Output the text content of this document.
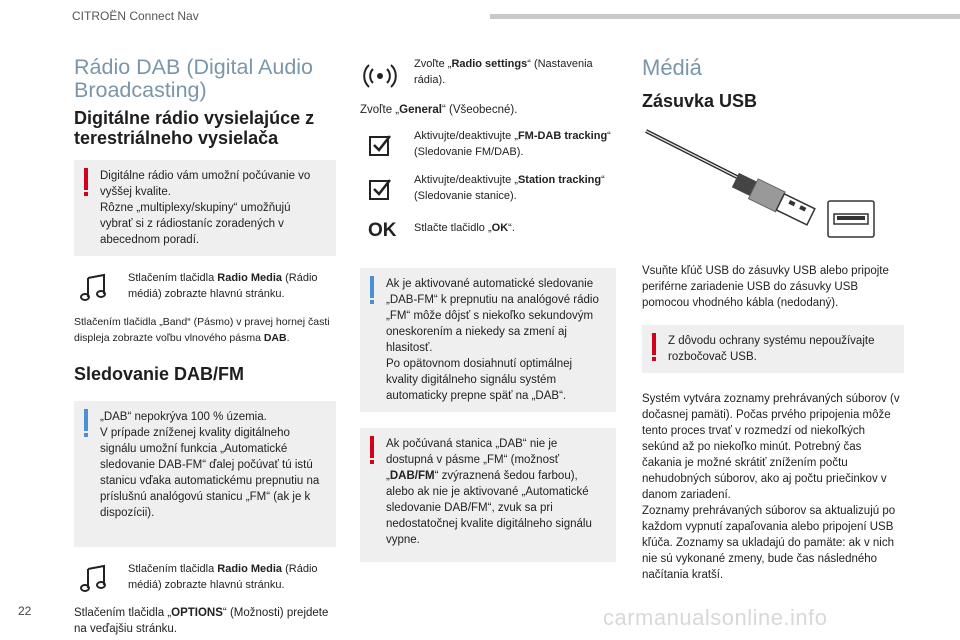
CITROËN Connect Nav
Rádio DAB (Digital Audio Broadcasting)
Digitálne rádio vysielajúce z terestriálneho vysielača
Digitálne rádio vám umožní počúvanie vo vyššej kvalite.
Rôzne „multiplexy/skupiny“ umožňujú vybrať si z rádiostaníc zoradených v abecednom poradí.
Stlačením tlačidla Radio Media (Rádio médiá) zobrazte hlavnú stránku.

Stlačením tlačidla „Band“ (Pásmo) v pravej hornej časti displeja zobrazte voľbu vlnového pásma DAB.

Sledovanie DAB/FM
„DAB“ nepokrýva 100 % územia.
V prípade zníženej kvality digitálneho signálu umožní funkcia „Automatické sledovanie DAB-FM“ ďalej počúvať tú istú stanicu vďaka automatickému prepnutiu na príslušnú analógovú stanicu „FM“ (ak je k dispozícii).
Stlačením tlačidla Radio Media (Rádio médiá) zobrazte hlavnú stránku.

Stlačením tlačidla „OPTIONS“ (Možnosti) prejdete na veďajšiu stránku.

Zvoľte „Radio settings“ (Nastavenia rádia).

Zvoľte „General“ (Všeobecné).

Aktivujte/deaktivujte „FM-DAB tracking“ (Sledovanie FM/DAB).
Aktivujte/deaktivujte „Station tracking“ (Sledovanie stanice).
OK	Stlačte tlačidlo „OK“.
Ak je aktivované automatické sledovanie „DAB-FM“ k prepnutiu na analógové rádio „FM“ môže dôjsť s niekoľko sekundovým oneskorením a niekedy sa zmení aj hlasitosť.
Po opätovnom dosiahnutí optimálnej kvality digitálneho signálu systém automaticky prepne späť na „DAB“.
Ak počúvaná stanica „DAB“ nie je dostupná v pásme „FM“ (možnosť „DAB/FM“ zvýraznená šedou farbou), alebo ak nie je aktivované „Automatické sledovanie DAB/FM“, zvuk sa pri nedostatočnej kvalite digitálneho signálu vypne.
Médiá
Zásuvka USB

Vsuňte kľúč USB do zásuvky USB alebo pripojte periférne zariadenie USB do zásuvky USB pomocou vhodného kábla (nedodaný).

Z dôvodu ochrany systému nepoužívajte rozbočovač USB.

Systém vytvára zoznamy prehrávaných súborov (v dočasnej pamäti). Počas prvého pripojenia môže tento proces trvať v rozmedzí od niekoľkých sekúnd až po niekoľko minút. Potrebný čas čakania je možné skrátiť znížením počtu nehudobných súborov, ako aj počtu priečinkov v danom zariadení.
Zoznamy prehrávaných súborov sa aktualizujú po každom vypnutí zapaľovania alebo pripojení USB kľúča. Zoznamy sa ukladajú do pamäte: ak v nich nie sú vykonané zmeny, bude čas následného načítania kratší.

22	carmanualsonline.info
